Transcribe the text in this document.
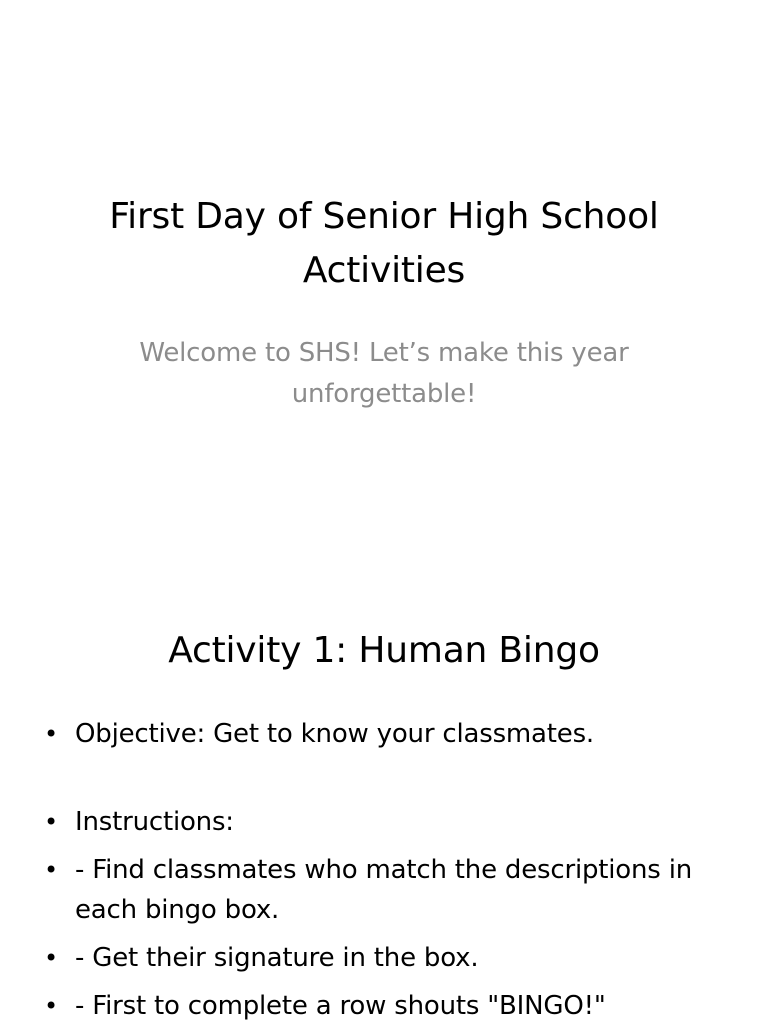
First Day of Senior High School Activities
Welcome to SHS! Let’s make this year unforgettable!
Activity 1: Human Bingo
• Objective: Get to know your classmates.
• Instructions:
• - Find classmates who match the descriptions in each bingo box.
• - Get their signature in the box.
• - First to complete a row shouts "BINGO!"
